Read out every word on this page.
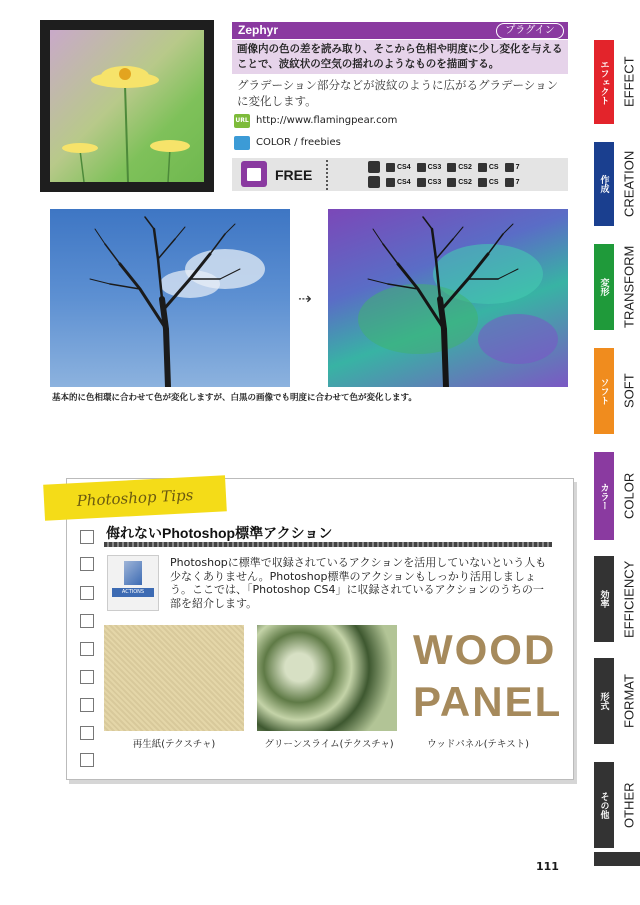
Zephyr	プラグイン
画像内の色の差を読み取り、そこから色相や明度に少し変化を与えることで、波紋状の空気の揺れのようなものを描画する。
グラデーション部分などが波紋のように広がるグラデーションに変化します。
URL http://www.flamingpear.com
COLOR / freebies
FREE	CS4 CS3 CS2 CS 7
CS4 CS3 CS2 CS 7
エフェクト	EFFECT
作成	CREATION
変形	TRANSFORM
ソフト	SOFT
カラー	COLOR
効率	EFFICIENCY
形式	FORMAT
その他	OTHER
⇢
基本的に色相環に合わせて色が変化しますが、白黒の画像でも明度に合わせて色が変化します。
Photoshop Tips
侮れないPhotoshop標準アクション
ACTIONS
Photoshopに標準で収録されているアクションを活用していないという人も少なくありません。Photoshop標準のアクションもしっかり活用しましょう。ここでは、「Photoshop CS4」に収録されているアクションのうちの一部を紹介します。
WOOD
PANEL
再生紙(テクスチャ)	グリーンスライム(テクスチャ)	ウッドパネル(テキスト)
111
